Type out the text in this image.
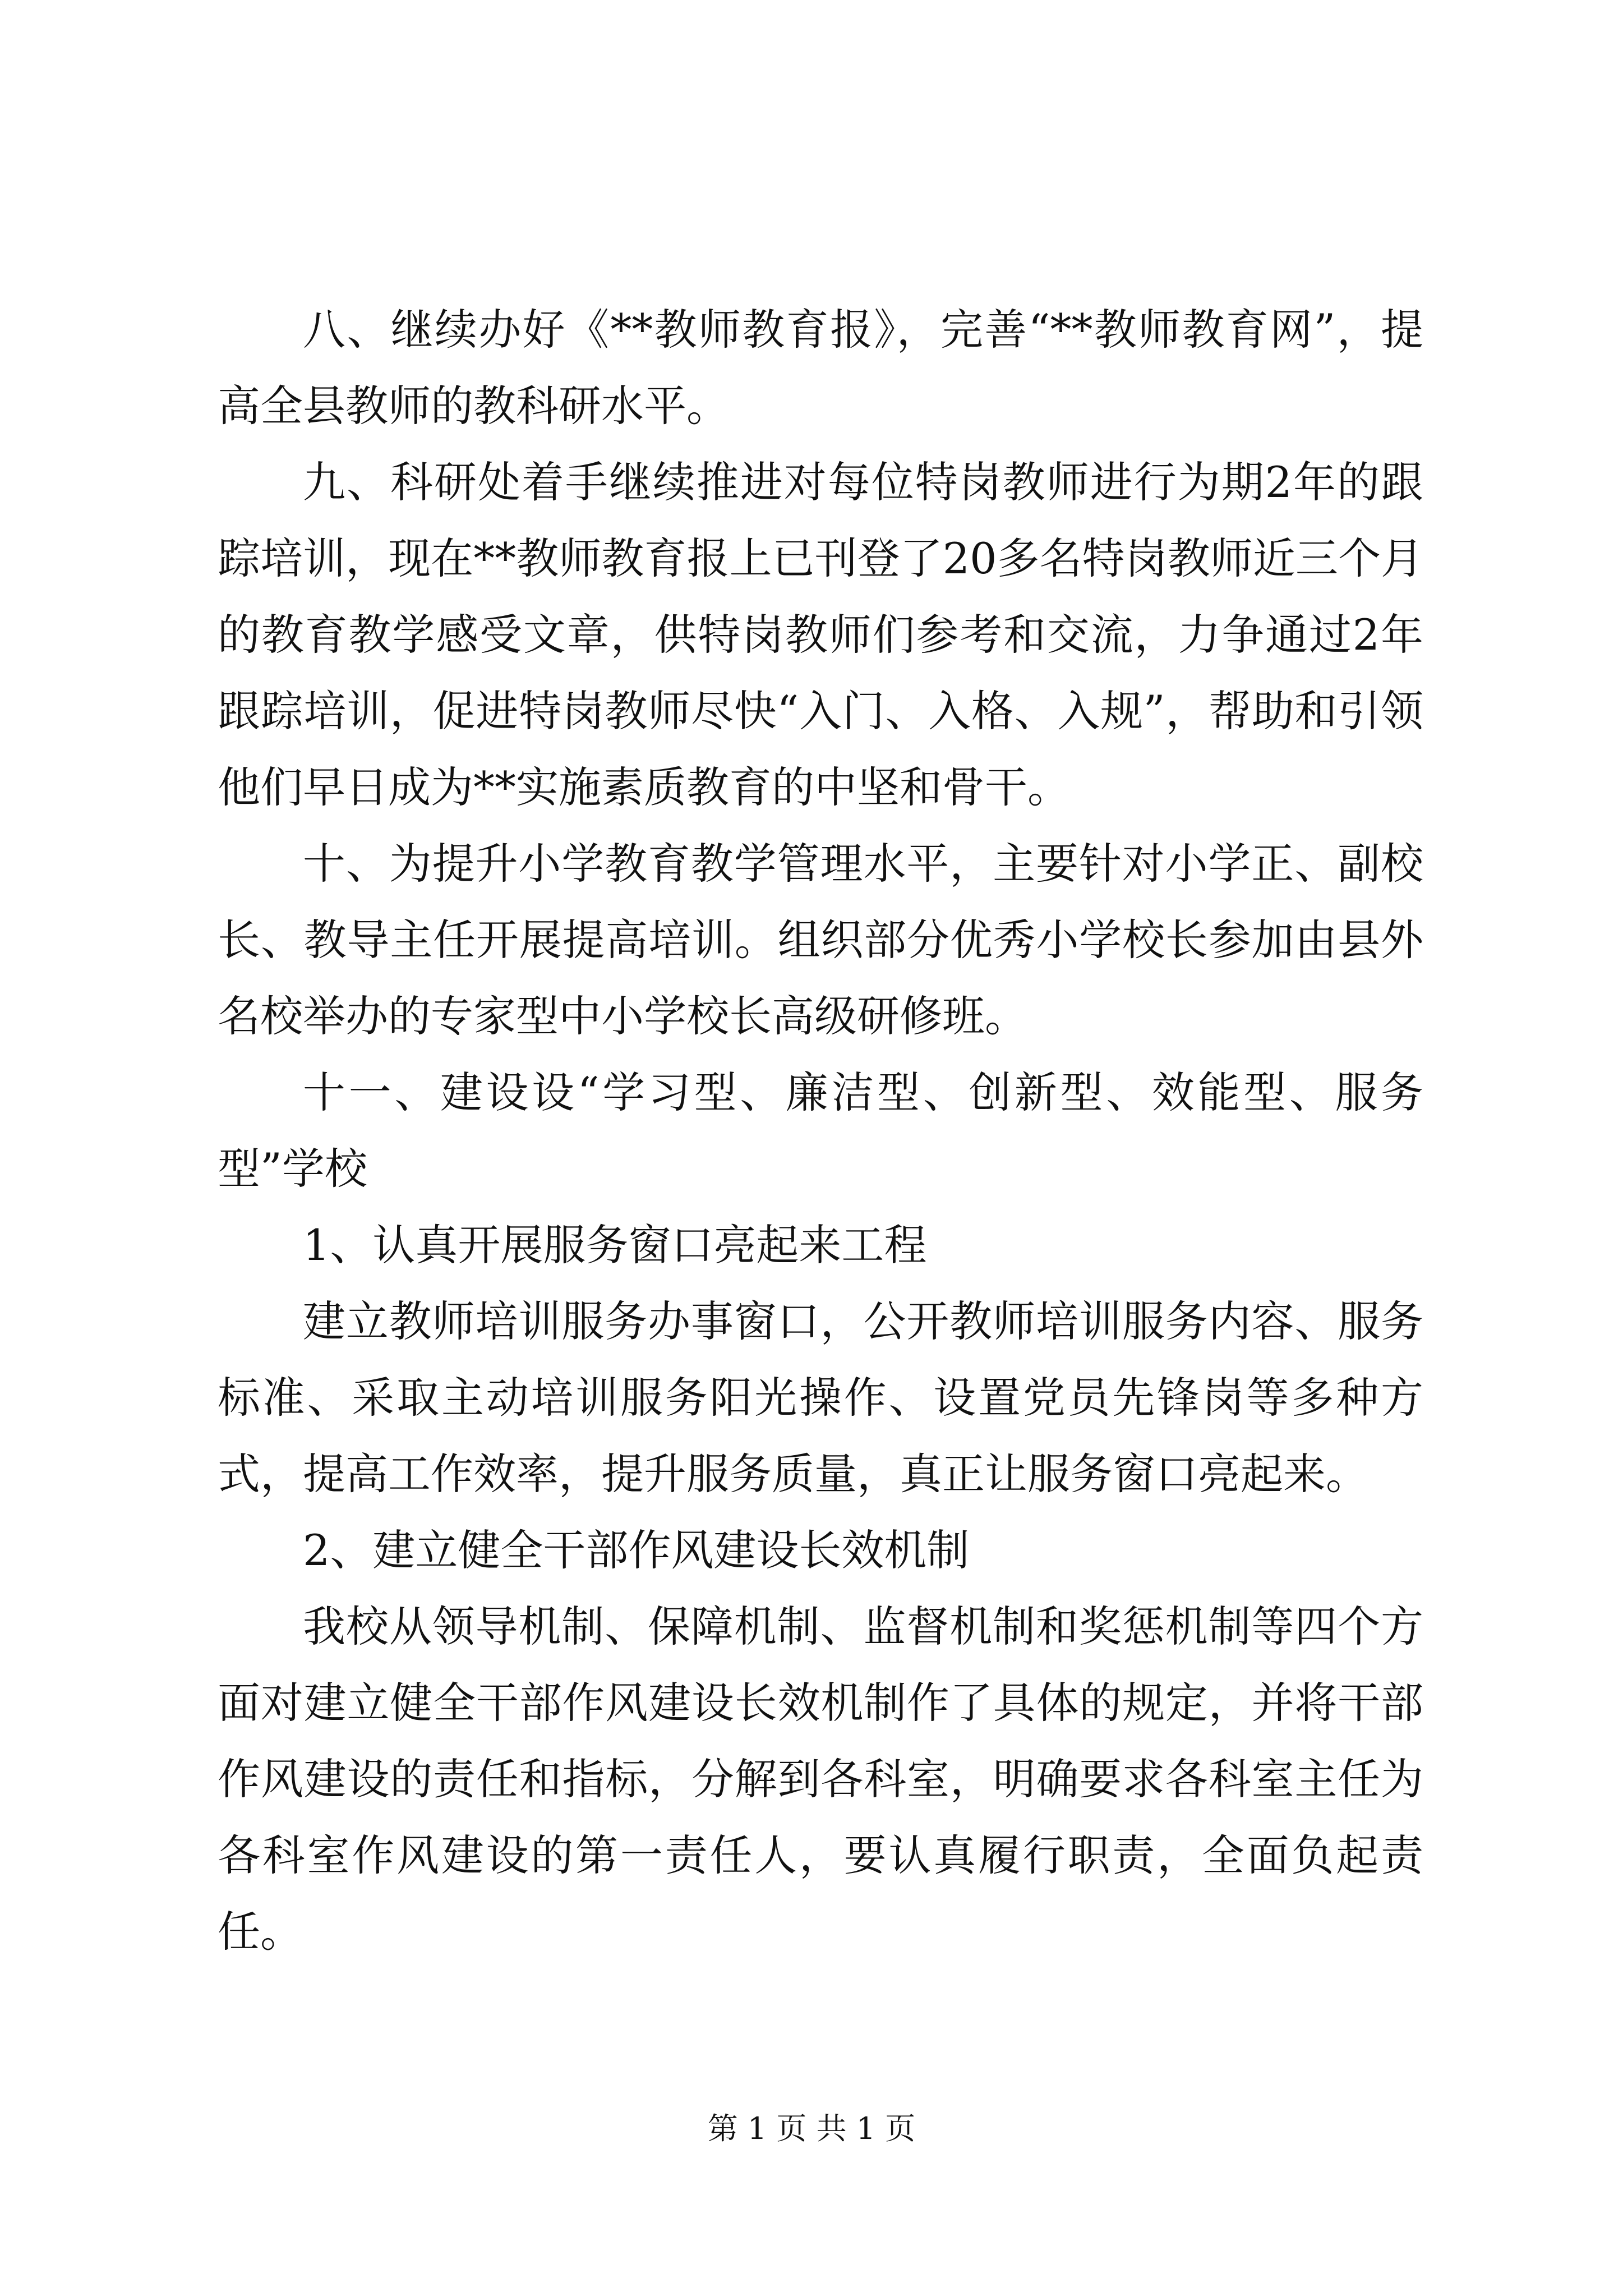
八、继续办好《**教师教育报》，完善“**教师教育网”，提高全县教师的教科研水平。

九、科研处着手继续推进对每位特岗教师进行为期2年的跟踪培训，现在**教师教育报上已刊登了20多名特岗教师近三个月的教育教学感受文章，供特岗教师们参考和交流，力争通过2年跟踪培训，促进特岗教师尽快“入门、入格、入规”，帮助和引领他们早日成为**实施素质教育的中坚和骨干。

十、为提升小学教育教学管理水平，主要针对小学正、副校长、教导主任开展提高培训。组织部分优秀小学校长参加由县外名校举办的专家型中小学校长高级研修班。

十一、建设设“学习型、廉洁型、创新型、效能型、服务型”学校

1、认真开展服务窗口亮起来工程

建立教师培训服务办事窗口，公开教师培训服务内容、服务标准、采取主动培训服务阳光操作、设置党员先锋岗等多种方式，提高工作效率，提升服务质量，真正让服务窗口亮起来。

2、建立健全干部作风建设长效机制

我校从领导机制、保障机制、监督机制和奖惩机制等四个方面对建立健全干部作风建设长效机制作了具体的规定，并将干部作风建设的责任和指标，分解到各科室，明确要求各科室主任为各科室作风建设的第一责任人，要认真履行职责，全面负起责任。

第 1 页 共 1 页
